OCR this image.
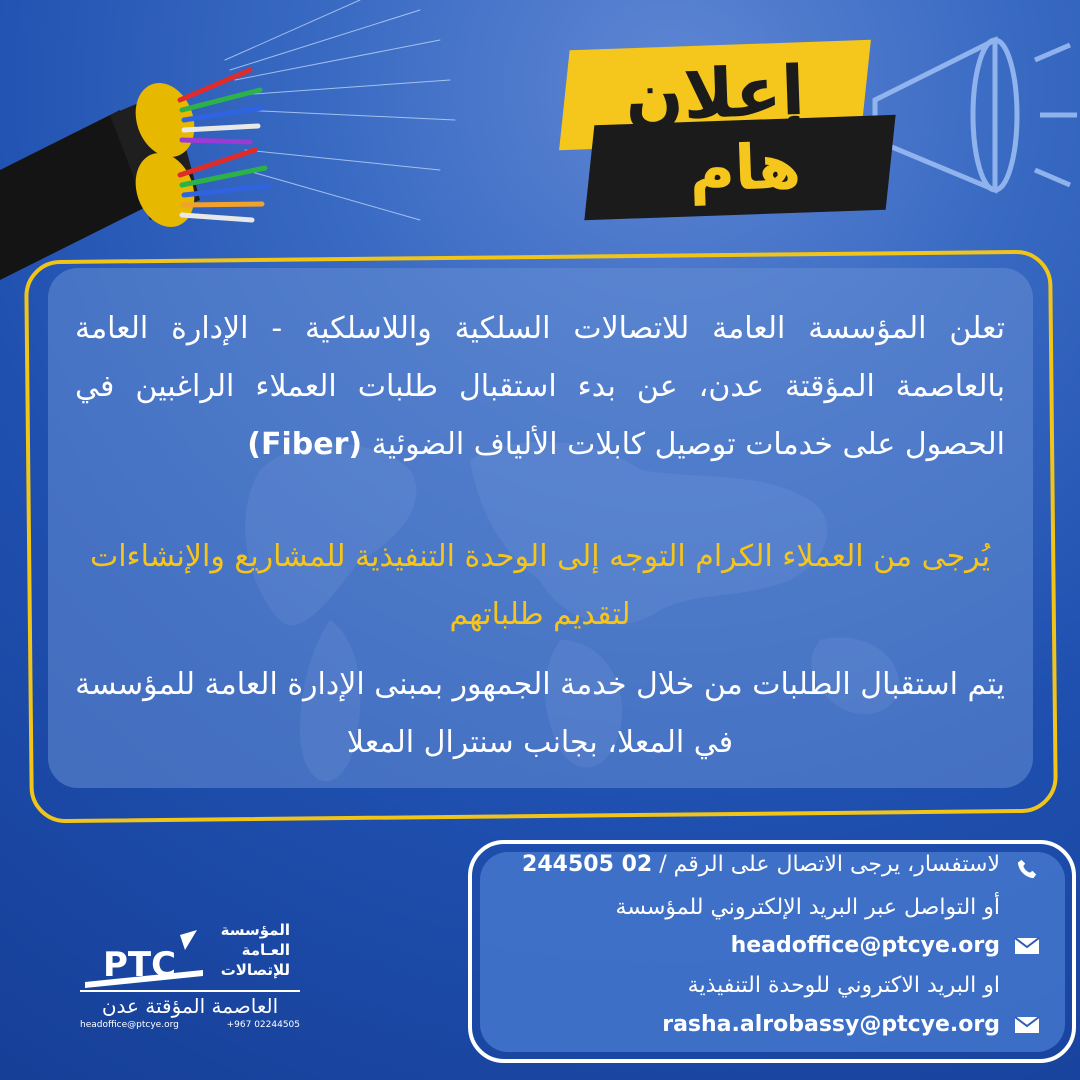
إعلان
هام

تعلن المؤسسة العامة للاتصالات السلكية واللاسلكية - الإدارة العامة بالعاصمة المؤقتة عدن، عن بدء استقبال طلبات العملاء الراغبين في الحصول على خدمات توصيل كابلات الألياف الضوئية (Fiber)

يُرجى من العملاء الكرام التوجه إلى الوحدة التنفيذية للمشاريع والإنشاءات لتقديم طلباتهم

يتم استقبال الطلبات من خلال خدمة الجمهور بمبنى الإدارة العامة للمؤسسة في المعلا، بجانب سنترال المعلا

لاستفسار، يرجى الاتصال على الرقم / 02 244505
أو التواصل عبر البريد الإلكتروني للمؤسسة
headoffice@ptcye.org
او البريد الاكتروني للوحدة التنفيذية
rasha.alrobassy@ptcye.org
PTC
المؤسسة
العـامة
للإتصالات
العاصمة المؤقتة عدن
headoffice@ptcye.org	+967 02244505
